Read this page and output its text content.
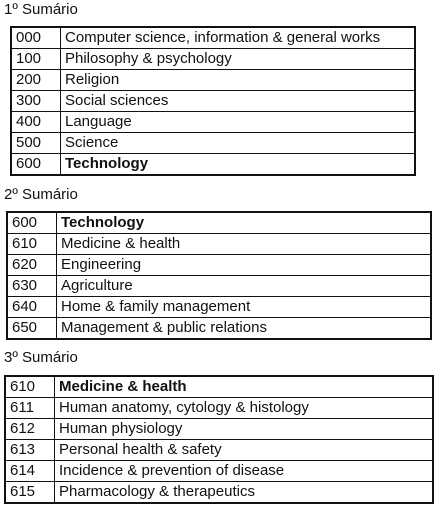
1º Sumário
000	Computer science, information & general works
100	Philosophy & psychology
200	Religion
300	Social sciences
400	Language
500	Science
600	Technology
2º Sumário
600	Technology
610	Medicine & health
620	Engineering
630	Agriculture
640	Home & family management
650	Management & public relations
3º Sumário
610	Medicine & health
611	Human anatomy, cytology & histology
612	Human physiology
613	Personal health & safety
614	Incidence & prevention of disease
615	Pharmacology & therapeutics
